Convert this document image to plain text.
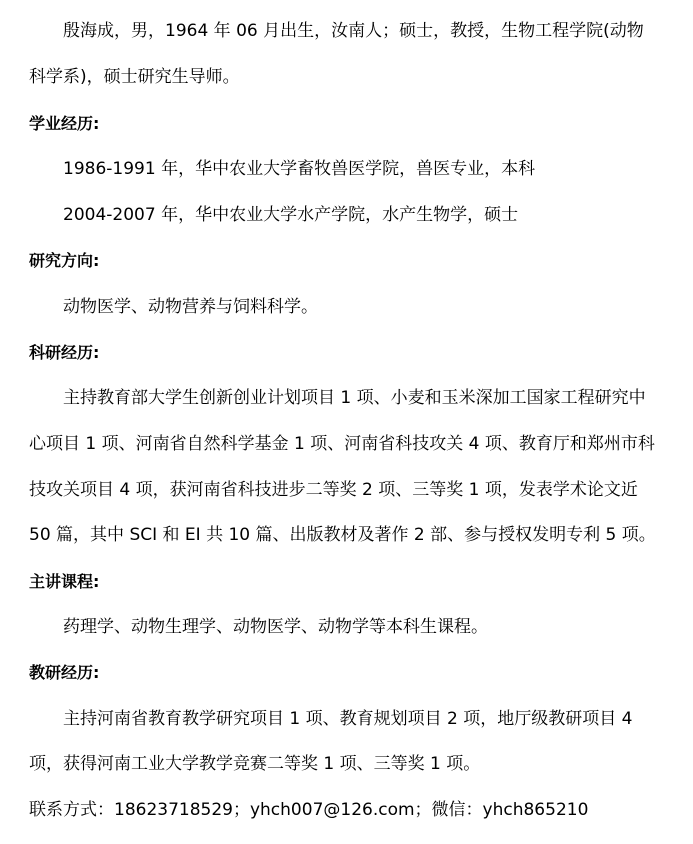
殷海成，男，1964 年 06 月出生，汝南人；硕士，教授，生物工程学院(动物
科学系)，硕士研究生导师。
学业经历:
1986-1991 年，华中农业大学畜牧兽医学院，兽医专业，本科
2004-2007 年，华中农业大学水产学院，水产生物学，硕士
研究方向:
动物医学、动物营养与饲料科学。
科研经历:
主持教育部大学生创新创业计划项目 1 项、小麦和玉米深加工国家工程研究中
心项目 1 项、河南省自然科学基金 1 项、河南省科技攻关 4 项、教育厅和郑州市科
技攻关项目 4 项，获河南省科技进步二等奖 2 项、三等奖 1 项，发表学术论文近
50 篇，其中 SCI 和 EI 共 10 篇、出版教材及著作 2 部、参与授权发明专利 5 项。
主讲课程:
药理学、动物生理学、动物医学、动物学等本科生课程。
教研经历:
主持河南省教育教学研究项目 1 项、教育规划项目 2 项，地厅级教研项目 4
项，获得河南工业大学教学竞赛二等奖 1 项、三等奖 1 项。
联系方式：18623718529；yhch007@126.com；微信：yhch865210
